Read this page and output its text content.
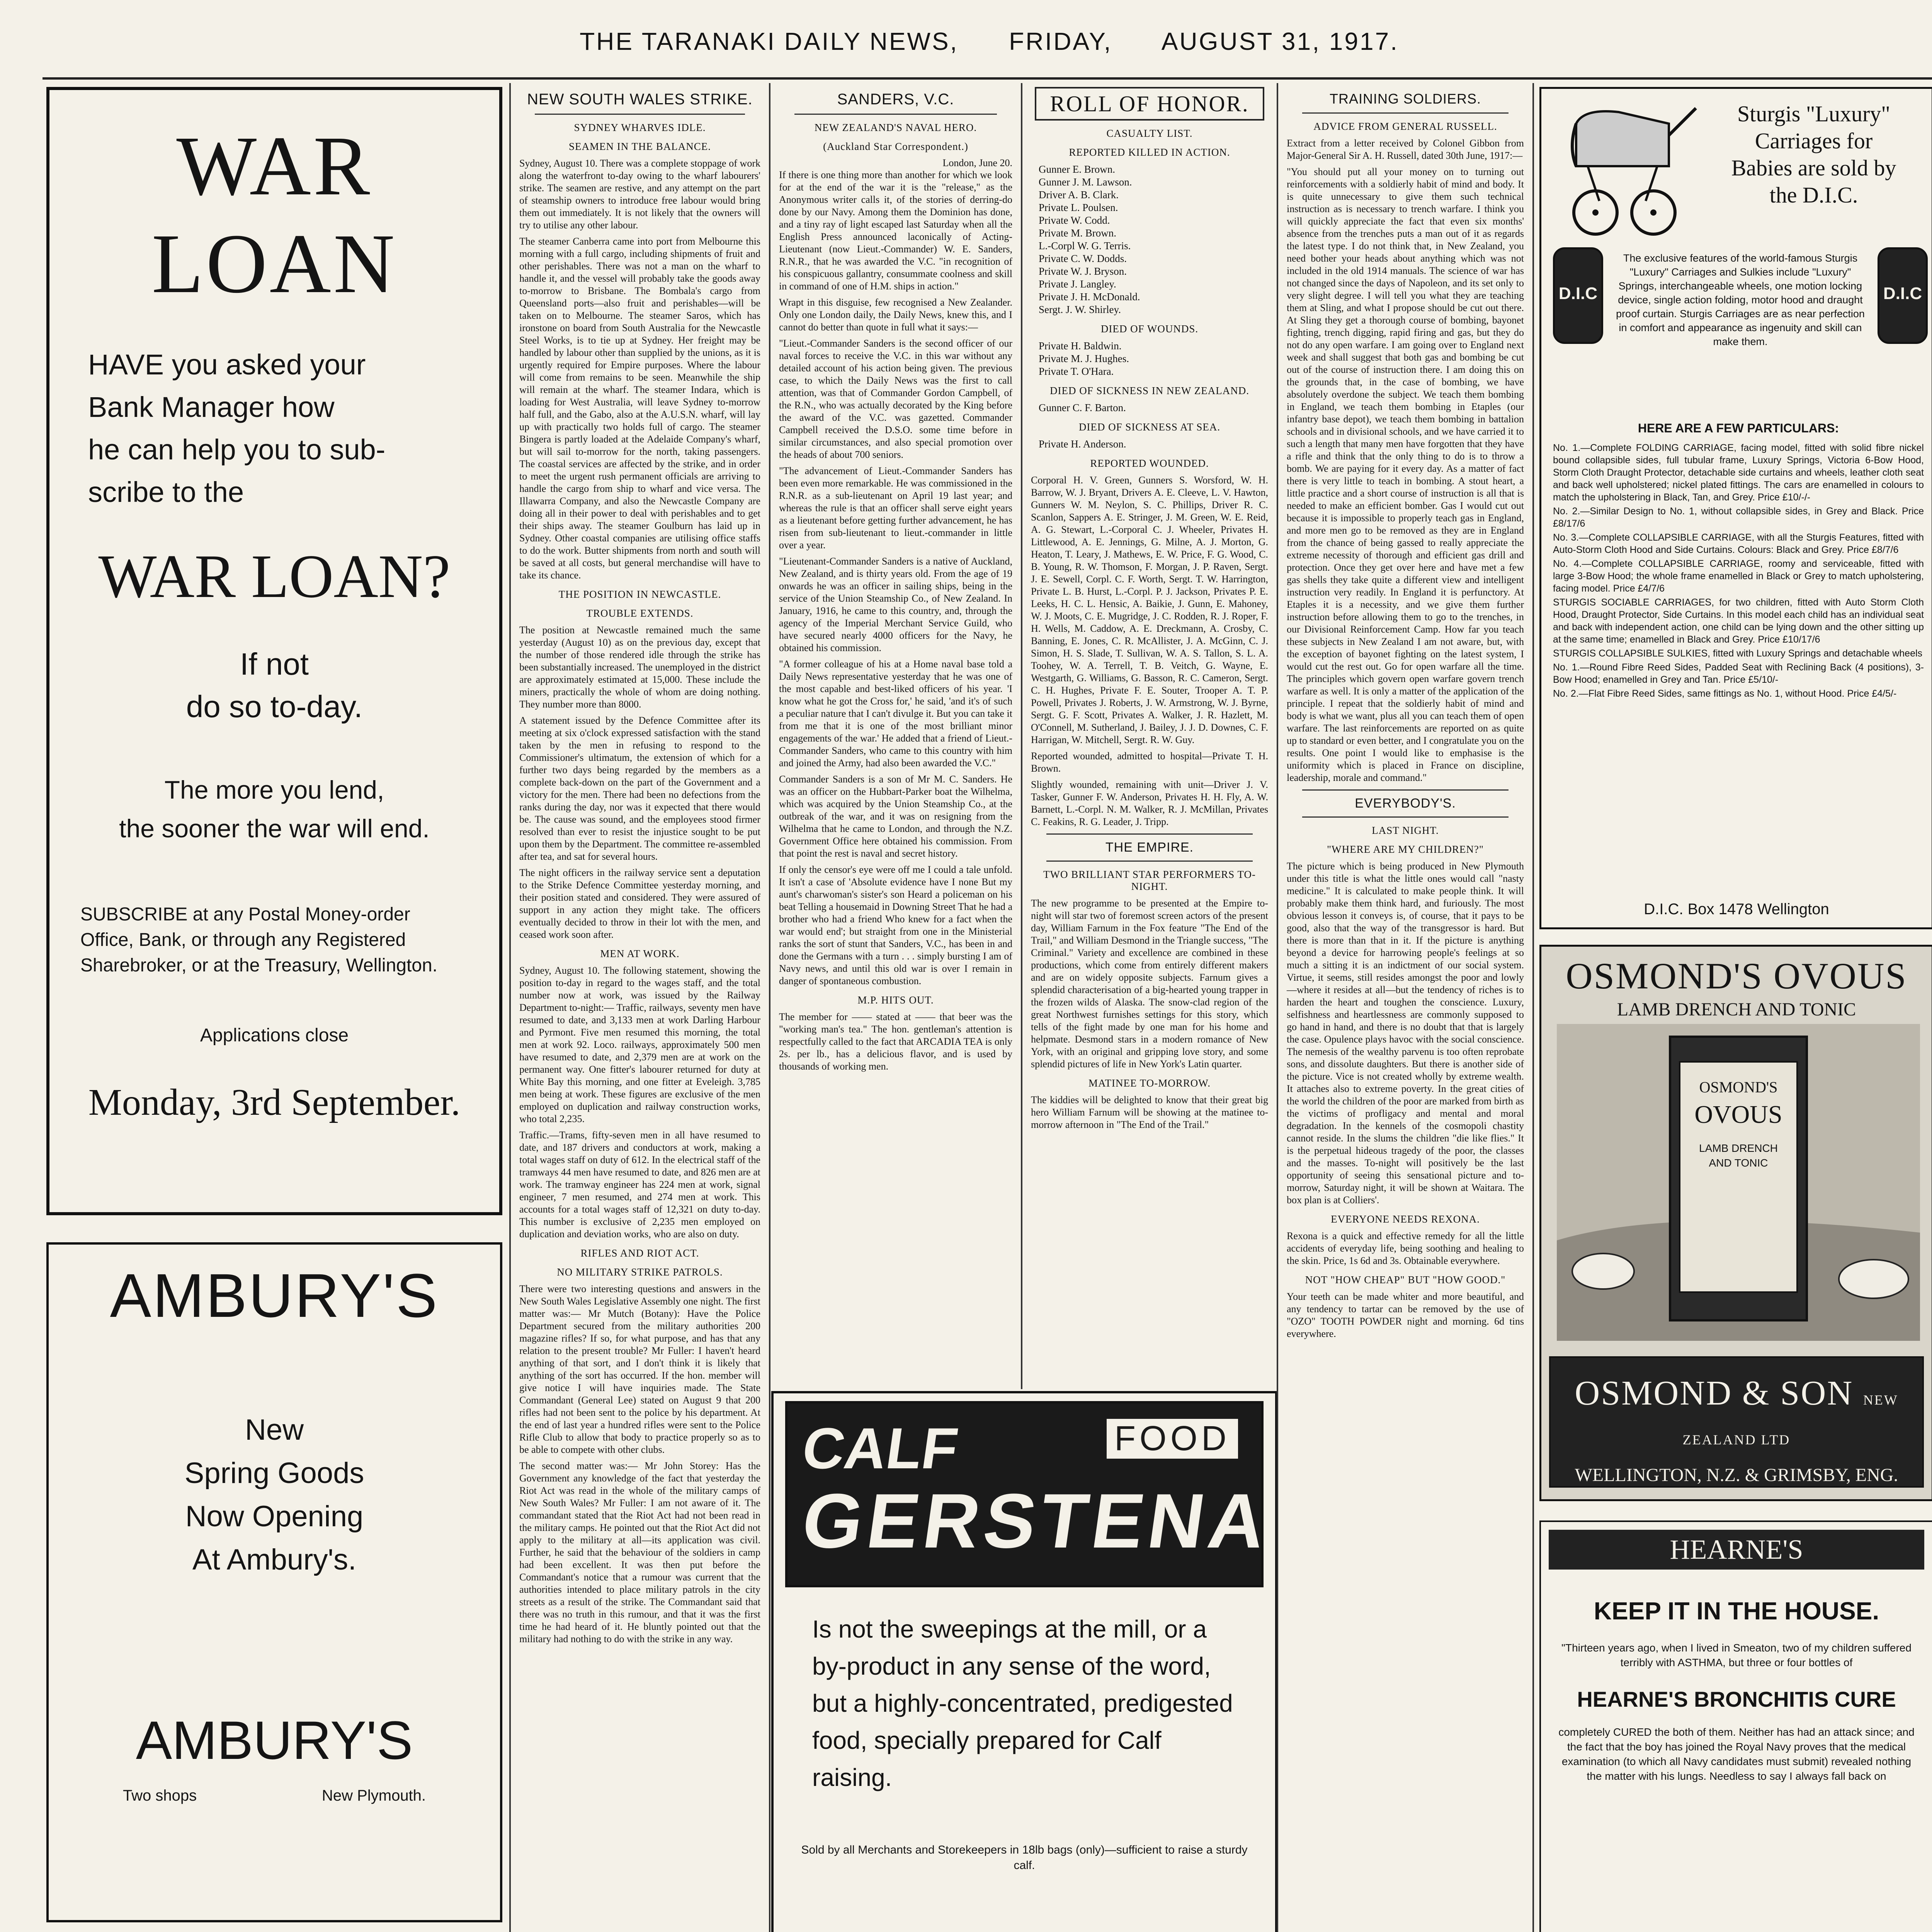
THE TARANAKI DAILY NEWS, FRIDAY, AUGUST 31, 1917.
WAR LOAN
HAVE you asked your
Bank Manager how
he can help you to sub-
scribe to the
WAR LOAN?
If not
do so to-day.
The more you lend,
the sooner the war will end.
SUBSCRIBE at any Postal Money-order Office, Bank, or through any Registered Sharebroker, or at the Treasury, Wellington.
Applications close
Monday, 3rd September.
AMBURY'S
New
Spring Goods
Now Opening
At Ambury's.
AMBURY'S
Two shops	New Plymouth.

NEW SOUTH WALES STRIKE.
SYDNEY WHARVES IDLE.
SEAMEN IN THE BALANCE.

Sydney, August 10. There was a complete stoppage of work along the waterfront to-day owing to the wharf labourers' strike. The seamen are restive, and any attempt on the part of steamship owners to introduce free labour would bring them out immediately. It is not likely that the owners will try to utilise any other labour.

The steamer Canberra came into port from Melbourne this morning with a full cargo, including shipments of fruit and other perishables. There was not a man on the wharf to handle it, and the vessel will probably take the goods away to-morrow to Brisbane. The Bombala's cargo from Queensland ports—also fruit and perishables—will be taken on to Melbourne. The steamer Saros, which has ironstone on board from South Australia for the Newcastle Steel Works, is to tie up at Sydney. Her freight may be handled by labour other than supplied by the unions, as it is urgently required for Empire purposes. Where the labour will come from remains to be seen. Meanwhile the ship will remain at the wharf. The steamer Indara, which is loading for West Australia, will leave Sydney to-morrow half full, and the Gabo, also at the A.U.S.N. wharf, will lay up with practically two holds full of cargo. The steamer Bingera is partly loaded at the Adelaide Company's wharf, but will sail to-morrow for the north, taking passengers. The coastal services are affected by the strike, and in order to meet the urgent rush permanent officials are arriving to handle the cargo from ship to wharf and vice versa. The Illawarra Company, and also the Newcastle Company are doing all in their power to deal with perishables and to get their ships away. The steamer Goulburn has laid up in Sydney. Other coastal companies are utilising office staffs to do the work. Butter shipments from north and south will be saved at all costs, but general merchandise will have to take its chance.

THE POSITION IN NEWCASTLE.
TROUBLE EXTENDS.

The position at Newcastle remained much the same yesterday (August 10) as on the previous day, except that the number of those rendered idle through the strike has been substantially increased. The unemployed in the district are approximately estimated at 15,000. These include the miners, practically the whole of whom are doing nothing. They number more than 8000.

A statement issued by the Defence Committee after its meeting at six o'clock expressed satisfaction with the stand taken by the men in refusing to respond to the Commissioner's ultimatum, the extension of which for a further two days being regarded by the members as a complete back-down on the part of the Government and a victory for the men. There had been no defections from the ranks during the day, nor was it expected that there would be. The cause was sound, and the employees stood firmer resolved than ever to resist the injustice sought to be put upon them by the Department. The committee re-assembled after tea, and sat for several hours.

The night officers in the railway service sent a deputation to the Strike Defence Committee yesterday morning, and their position stated and considered. They were assured of support in any action they might take. The officers eventually decided to throw in their lot with the men, and ceased work soon after.

MEN AT WORK.

Sydney, August 10. The following statement, showing the position to-day in regard to the wages staff, and the total number now at work, was issued by the Railway Department to-night:— Traffic, railways, seventy men have resumed to date, and 3,133 men at work Darling Harbour and Pyrmont. Five men resumed this morning, the total men at work 92. Loco. railways, approximately 500 men have resumed to date, and 2,379 men are at work on the permanent way. One fitter's labourer returned for duty at White Bay this morning, and one fitter at Eveleigh. 3,785 men being at work. These figures are exclusive of the men employed on duplication and railway construction works, who total 2,235.

Traffic.—Trams, fifty-seven men in all have resumed to date, and 187 drivers and conductors at work, making a total wages staff on duty of 612. In the electrical staff of the tramways 44 men have resumed to date, and 826 men are at work. The tramway engineer has 224 men at work, signal engineer, 7 men resumed, and 274 men at work. This accounts for a total wages staff of 12,321 on duty to-day. This number is exclusive of 2,235 men employed on duplication and deviation works, who are also on duty.

RIFLES AND RIOT ACT.
NO MILITARY STRIKE PATROLS.

There were two interesting questions and answers in the New South Wales Legislative Assembly one night. The first matter was:— Mr Mutch (Botany): Have the Police Department secured from the military authorities 200 magazine rifles? If so, for what purpose, and has that any relation to the present trouble? Mr Fuller: I haven't heard anything of that sort, and I don't think it is likely that anything of the sort has occurred. If the hon. member will give notice I will have inquiries made. The State Commandant (General Lee) stated on August 9 that 200 rifles had not been sent to the police by his department. At the end of last year a hundred rifles were sent to the Police Rifle Club to allow that body to practice properly so as to be able to compete with other clubs.

The second matter was:— Mr John Storey: Has the Government any knowledge of the fact that yesterday the Riot Act was read in the whole of the military camps of New South Wales? Mr Fuller: I am not aware of it. The commandant stated that the Riot Act had not been read in the military camps. He pointed out that the Riot Act did not apply to the military at all—its application was civil. Further, he said that the behaviour of the soldiers in camp had been excellent. It was then put before the Commandant's notice that a rumour was current that the authorities intended to place military patrols in the city streets as a result of the strike. The Commandant said that there was no truth in this rumour, and that it was the first time he had heard of it. He bluntly pointed out that the military had nothing to do with the strike in any way.

SANDERS, V.C.
NEW ZEALAND'S NAVAL HERO.
(Auckland Star Correspondent.)
London, June 20.

If there is one thing more than another for which we look for at the end of the war it is the "release," as the Anonymous writer calls it, of the stories of derring-do done by our Navy. Among them the Dominion has done, and a tiny ray of light escaped last Saturday when all the English Press announced laconically of Acting-Lieutenant (now Lieut.-Commander) W. E. Sanders, R.N.R., that he was awarded the V.C. "in recognition of his conspicuous gallantry, consummate coolness and skill in command of one of H.M. ships in action."

Wrapt in this disguise, few recognised a New Zealander. Only one London daily, the Daily News, knew this, and I cannot do better than quote in full what it says:—

"Lieut.-Commander Sanders is the second officer of our naval forces to receive the V.C. in this war without any detailed account of his action being given. The previous case, to which the Daily News was the first to call attention, was that of Commander Gordon Campbell, of the R.N., who was actually decorated by the King before the award of the V.C. was gazetted. Commander Campbell received the D.S.O. some time before in similar circumstances, and also special promotion over the heads of about 700 seniors.

"The advancement of Lieut.-Commander Sanders has been even more remarkable. He was commissioned in the R.N.R. as a sub-lieutenant on April 19 last year; and whereas the rule is that an officer shall serve eight years as a lieutenant before getting further advancement, he has risen from sub-lieutenant to lieut.-commander in little over a year.

"Lieutenant-Commander Sanders is a native of Auckland, New Zealand, and is thirty years old. From the age of 19 onwards he was an officer in sailing ships, being in the service of the Union Steamship Co., of New Zealand. In January, 1916, he came to this country, and, through the agency of the Imperial Merchant Service Guild, who have secured nearly 4000 officers for the Navy, he obtained his commission.

"A former colleague of his at a Home naval base told a Daily News representative yesterday that he was one of the most capable and best-liked officers of his year. 'I know what he got the Cross for,' he said, 'and it's of such a peculiar nature that I can't divulge it. But you can take it from me that it is one of the most brilliant minor engagements of the war.' He added that a friend of Lieut.-Commander Sanders, who came to this country with him and joined the Army, had also been awarded the V.C."

Commander Sanders is a son of Mr M. C. Sanders. He was an officer on the Hubbart-Parker boat the Wilhelma, which was acquired by the Union Steamship Co., at the outbreak of the war, and it was on resigning from the Wilhelma that he came to London, and through the N.Z. Government Office here obtained his commission. From that point the rest is naval and secret history.

If only the censor's eye were off me I could a tale unfold. It isn't a case of 'Absolute evidence have I none But my aunt's charwoman's sister's son Heard a policeman on his beat Telling a housemaid in Downing Street That he had a brother who had a friend Who knew for a fact when the war would end'; but straight from one in the Ministerial ranks the sort of stunt that Sanders, V.C., has been in and done the Germans with a turn . . . simply bursting I am of Navy news, and until this old war is over I remain in danger of spontaneous combustion.

M.P. HITS OUT.

The member for —— stated at —— that beer was the "working man's tea." The hon. gentleman's attention is respectfully called to the fact that ARCADIA TEA is only 2s. per lb., has a delicious flavor, and is used by thousands of working men.

ROLL OF HONOR.
CASUALTY LIST.
REPORTED KILLED IN ACTION.
Gunner E. Brown.
Gunner J. M. Lawson.
Driver A. B. Clark.
Private L. Poulsen.
Private W. Codd.
Private M. Brown.
L.-Corpl W. G. Terris.
Private C. W. Dodds.
Private W. J. Bryson.
Private J. Langley.
Private J. H. McDonald.
Sergt. J. W. Shirley.
DIED OF WOUNDS.
Private H. Baldwin.
Private M. J. Hughes.
Private T. O'Hara.
DIED OF SICKNESS IN NEW ZEALAND.
Gunner C. F. Barton.
DIED OF SICKNESS AT SEA.
Private H. Anderson.
REPORTED WOUNDED.

Corporal H. V. Green, Gunners S. Worsford, W. H. Barrow, W. J. Bryant, Drivers A. E. Cleeve, L. V. Hawton, Gunners W. M. Neylon, S. C. Phillips, Driver R. C. Scanlon, Sappers A. E. Stringer, J. M. Green, W. E. Reid, A. G. Stewart, L.-Corporal C. J. Wheeler, Privates H. Littlewood, A. E. Jennings, G. Milne, A. J. Morton, G. Heaton, T. Leary, J. Mathews, E. W. Price, F. G. Wood, C. B. Young, R. W. Thomson, F. Morgan, J. P. Raven, Sergt. J. E. Sewell, Corpl. C. F. Worth, Sergt. T. W. Harrington, Private L. B. Hurst, L.-Corpl. P. J. Jackson, Privates P. E. Leeks, H. C. L. Hensic, A. Baikie, J. Gunn, E. Mahoney, W. J. Moots, C. E. Mugridge, J. C. Rodden, R. J. Roper, F. H. Wells, M. Caddow, A. E. Dreckmann, A. Crosby, C. Banning, E. Jones, C. R. McAllister, J. A. McGinn, C. J. Simon, H. S. Slade, T. Sullivan, W. A. S. Tallon, S. L. A. Toohey, W. A. Terrell, T. B. Veitch, G. Wayne, E. Westgarth, G. Williams, G. Basson, R. C. Cameron, Sergt. C. H. Hughes, Private F. E. Souter, Trooper A. T. P. Powell, Privates J. Roberts, J. W. Armstrong, W. J. Byrne, Sergt. G. F. Scott, Privates A. Walker, J. R. Hazlett, M. O'Connell, M. Sutherland, J. Bailey, J. J. D. Downes, C. F. Harrigan, W. Mitchell, Sergt. R. W. Guy.

Reported wounded, admitted to hospital—Private T. H. Brown.

Slightly wounded, remaining with unit—Driver J. V. Tasker, Gunner F. W. Anderson, Privates H. H. Fly, A. W. Barnett, L.-Corpl. N. M. Walker, R. J. McMillan, Privates C. Feakins, R. G. Leader, J. Tripp.

THE EMPIRE.
TWO BRILLIANT STAR PERFORMERS TO-NIGHT.

The new programme to be presented at the Empire to-night will star two of foremost screen actors of the present day, William Farnum in the Fox feature "The End of the Trail," and William Desmond in the Triangle success, "The Criminal." Variety and excellence are combined in these productions, which come from entirely different makers and are on widely opposite subjects. Farnum gives a splendid characterisation of a big-hearted young trapper in the frozen wilds of Alaska. The snow-clad region of the great Northwest furnishes settings for this story, which tells of the fight made by one man for his home and helpmate. Desmond stars in a modern romance of New York, with an original and gripping love story, and some splendid pictures of life in New York's Latin quarter.

MATINEE TO-MORROW.

The kiddies will be delighted to know that their great big hero William Farnum will be showing at the matinee to-morrow afternoon in "The End of the Trail."

CALF
GERSTENA
FOOD
Is not the sweepings at the mill, or a by-product in any sense of the word, but a highly-concentrated, predigested food, specially prepared for Calf raising.
Sold by all Merchants and Storekeepers in 18lb bags (only)—sufficient to raise a sturdy calf.

TRAINING SOLDIERS.
ADVICE FROM GENERAL RUSSELL.

Extract from a letter received by Colonel Gibbon from Major-General Sir A. H. Russell, dated 30th June, 1917:—

"You should put all your money on to turning out reinforcements with a soldierly habit of mind and body. It is quite unnecessary to give them such technical instruction as is necessary to trench warfare. I think you will quickly appreciate the fact that even six months' absence from the trenches puts a man out of it as regards the latest type. I do not think that, in New Zealand, you need bother your heads about anything which was not included in the old 1914 manuals. The science of war has not changed since the days of Napoleon, and its set only to very slight degree. I will tell you what they are teaching them at Sling, and what I propose should be cut out there. At Sling they get a thorough course of bombing, bayonet fighting, trench digging, rapid firing and gas, but they do not do any open warfare. I am going over to England next week and shall suggest that both gas and bombing be cut out of the course of instruction there. I am doing this on the grounds that, in the case of bombing, we have absolutely overdone the subject. We teach them bombing in England, we teach them bombing in Etaples (our infantry base depot), we teach them bombing in battalion schools and in divisional schools, and we have carried it to such a length that many men have forgotten that they have a rifle and think that the only thing to do is to throw a bomb. We are paying for it every day. As a matter of fact there is very little to teach in bombing. A stout heart, a little practice and a short course of instruction is all that is needed to make an efficient bomber. Gas I would cut out because it is impossible to properly teach gas in England, and more men go to be removed as they are in England from the chance of being gassed to really appreciate the extreme necessity of thorough and efficient gas drill and protection. Once they get over here and have met a few gas shells they take quite a different view and intelligent instruction very readily. In England it is perfunctory. At Etaples it is a necessity, and we give them further instruction before allowing them to go to the trenches, in our Divisional Reinforcement Camp. How far you teach these subjects in New Zealand I am not aware, but, with the exception of bayonet fighting on the latest system, I would cut the rest out. Go for open warfare all the time. The principles which govern open warfare govern trench warfare as well. It is only a matter of the application of the principle. I repeat that the soldierly habit of mind and body is what we want, plus all you can teach them of open warfare. The last reinforcements are reported on as quite up to standard or even better, and I congratulate you on the results. One point I would like to emphasise is the uniformity which is placed in France on discipline, leadership, morale and command."

EVERYBODY'S.
LAST NIGHT.
"WHERE ARE MY CHILDREN?"

The picture which is being produced in New Plymouth under this title is what the little ones would call "nasty medicine." It is calculated to make people think. It will probably make them think hard, and furiously. The most obvious lesson it conveys is, of course, that it pays to be good, also that the way of the transgressor is hard. But there is more than that in it. If the picture is anything beyond a device for harrowing people's feelings at so much a sitting it is an indictment of our social system. Virtue, it seems, still resides amongst the poor and lowly—where it resides at all—but the tendency of riches is to harden the heart and toughen the conscience. Luxury, selfishness and heartlessness are commonly supposed to go hand in hand, and there is no doubt that that is largely the case. Opulence plays havoc with the social conscience. The nemesis of the wealthy parvenu is too often reprobate sons, and dissolute daughters. But there is another side of the picture. Vice is not created wholly by extreme wealth. It attaches also to extreme poverty. In the great cities of the world the children of the poor are marked from birth as the victims of profligacy and mental and moral degradation. In the kennels of the cosmopoli chastity cannot reside. In the slums the children "die like flies." It is the perpetual hideous tragedy of the poor, the classes and the masses. To-night will positively be the last opportunity of seeing this sensational picture and to-morrow, Saturday night, it will be shown at Waitara. The box plan is at Colliers'.

EVERYONE NEEDS REXONA.

Rexona is a quick and effective remedy for all the little accidents of everyday life, being soothing and healing to the skin. Price, 1s 6d and 3s. Obtainable everywhere.

NOT "HOW CHEAP" BUT "HOW GOOD."

Your teeth can be made whiter and more beautiful, and any tendency to tartar can be removed by the use of "OZO" TOOTH POWDER night and morning. 6d tins everywhere.

Sturgis "Luxury"
Carriages for
Babies are sold by
the D.I.C.
D.I.C	D.I.C
The exclusive features of the world-famous Sturgis "Luxury" Carriages and Sulkies include "Luxury" Springs, interchangeable wheels, one motion locking device, single action folding, motor hood and draught proof curtain. Sturgis Carriages are as near perfection in comfort and appearance as ingenuity and skill can make them.
HERE ARE A FEW PARTICULARS:

No. 1.—Complete FOLDING CARRIAGE, facing model, fitted with solid fibre nickel bound collapsible sides, full tubular frame, Luxury Springs, Victoria 6-Bow Hood, Storm Cloth Draught Protector, detachable side curtains and wheels, leather cloth seat and back well upholstered; nickel plated fittings. The cars are enamelled in colours to match the upholstering in Black, Tan, and Grey. Price £10/-/-

No. 2.—Similar Design to No. 1, without collapsible sides, in Grey and Black. Price £8/17/6

No. 3.—Complete COLLAPSIBLE CARRIAGE, with all the Sturgis Features, fitted with Auto-Storm Cloth Hood and Side Curtains. Colours: Black and Grey. Price £8/7/6

No. 4.—Complete COLLAPSIBLE CARRIAGE, roomy and serviceable, fitted with large 3-Bow Hood; the whole frame enamelled in Black or Grey to match upholstering, facing model. Price £4/7/6

STURGIS SOCIABLE CARRIAGES, for two children, fitted with Auto Storm Cloth Hood, Draught Protector, Side Curtains. In this model each child has an individual seat and back with independent action, one child can be lying down and the other sitting up at the same time; enamelled in Black and Grey. Price £10/17/6

STURGIS COLLAPSIBLE SULKIES, fitted with Luxury Springs and detachable wheels

No. 1.—Round Fibre Reed Sides, Padded Seat with Reclining Back (4 positions), 3-Bow Hood; enamelled in Grey and Tan. Price £5/10/-

No. 2.—Flat Fibre Reed Sides, same fittings as No. 1, without Hood. Price £4/5/-

D.I.C. Box 1478 Wellington
OSMOND'S OVOUS
LAMB DRENCH AND TONIC
OSMOND'S
OVOUS
LAMB DRENCH AND TONIC
OSMOND & SON NEW ZEALAND LTD
WELLINGTON, N.Z. & GRIMSBY, ENG.
HEARNE'S
KEEP IT IN THE HOUSE.

"Thirteen years ago, when I lived in Smeaton, two of my children suffered terribly with ASTHMA, but three or four bottles of

HEARNE'S BRONCHITIS CURE

completely CURED the both of them. Neither has had an attack since; and the fact that the boy has joined the Royal Navy proves that the medical examination (to which all Navy candidates must submit) revealed nothing the matter with his lungs. Needless to say I always fall back on
